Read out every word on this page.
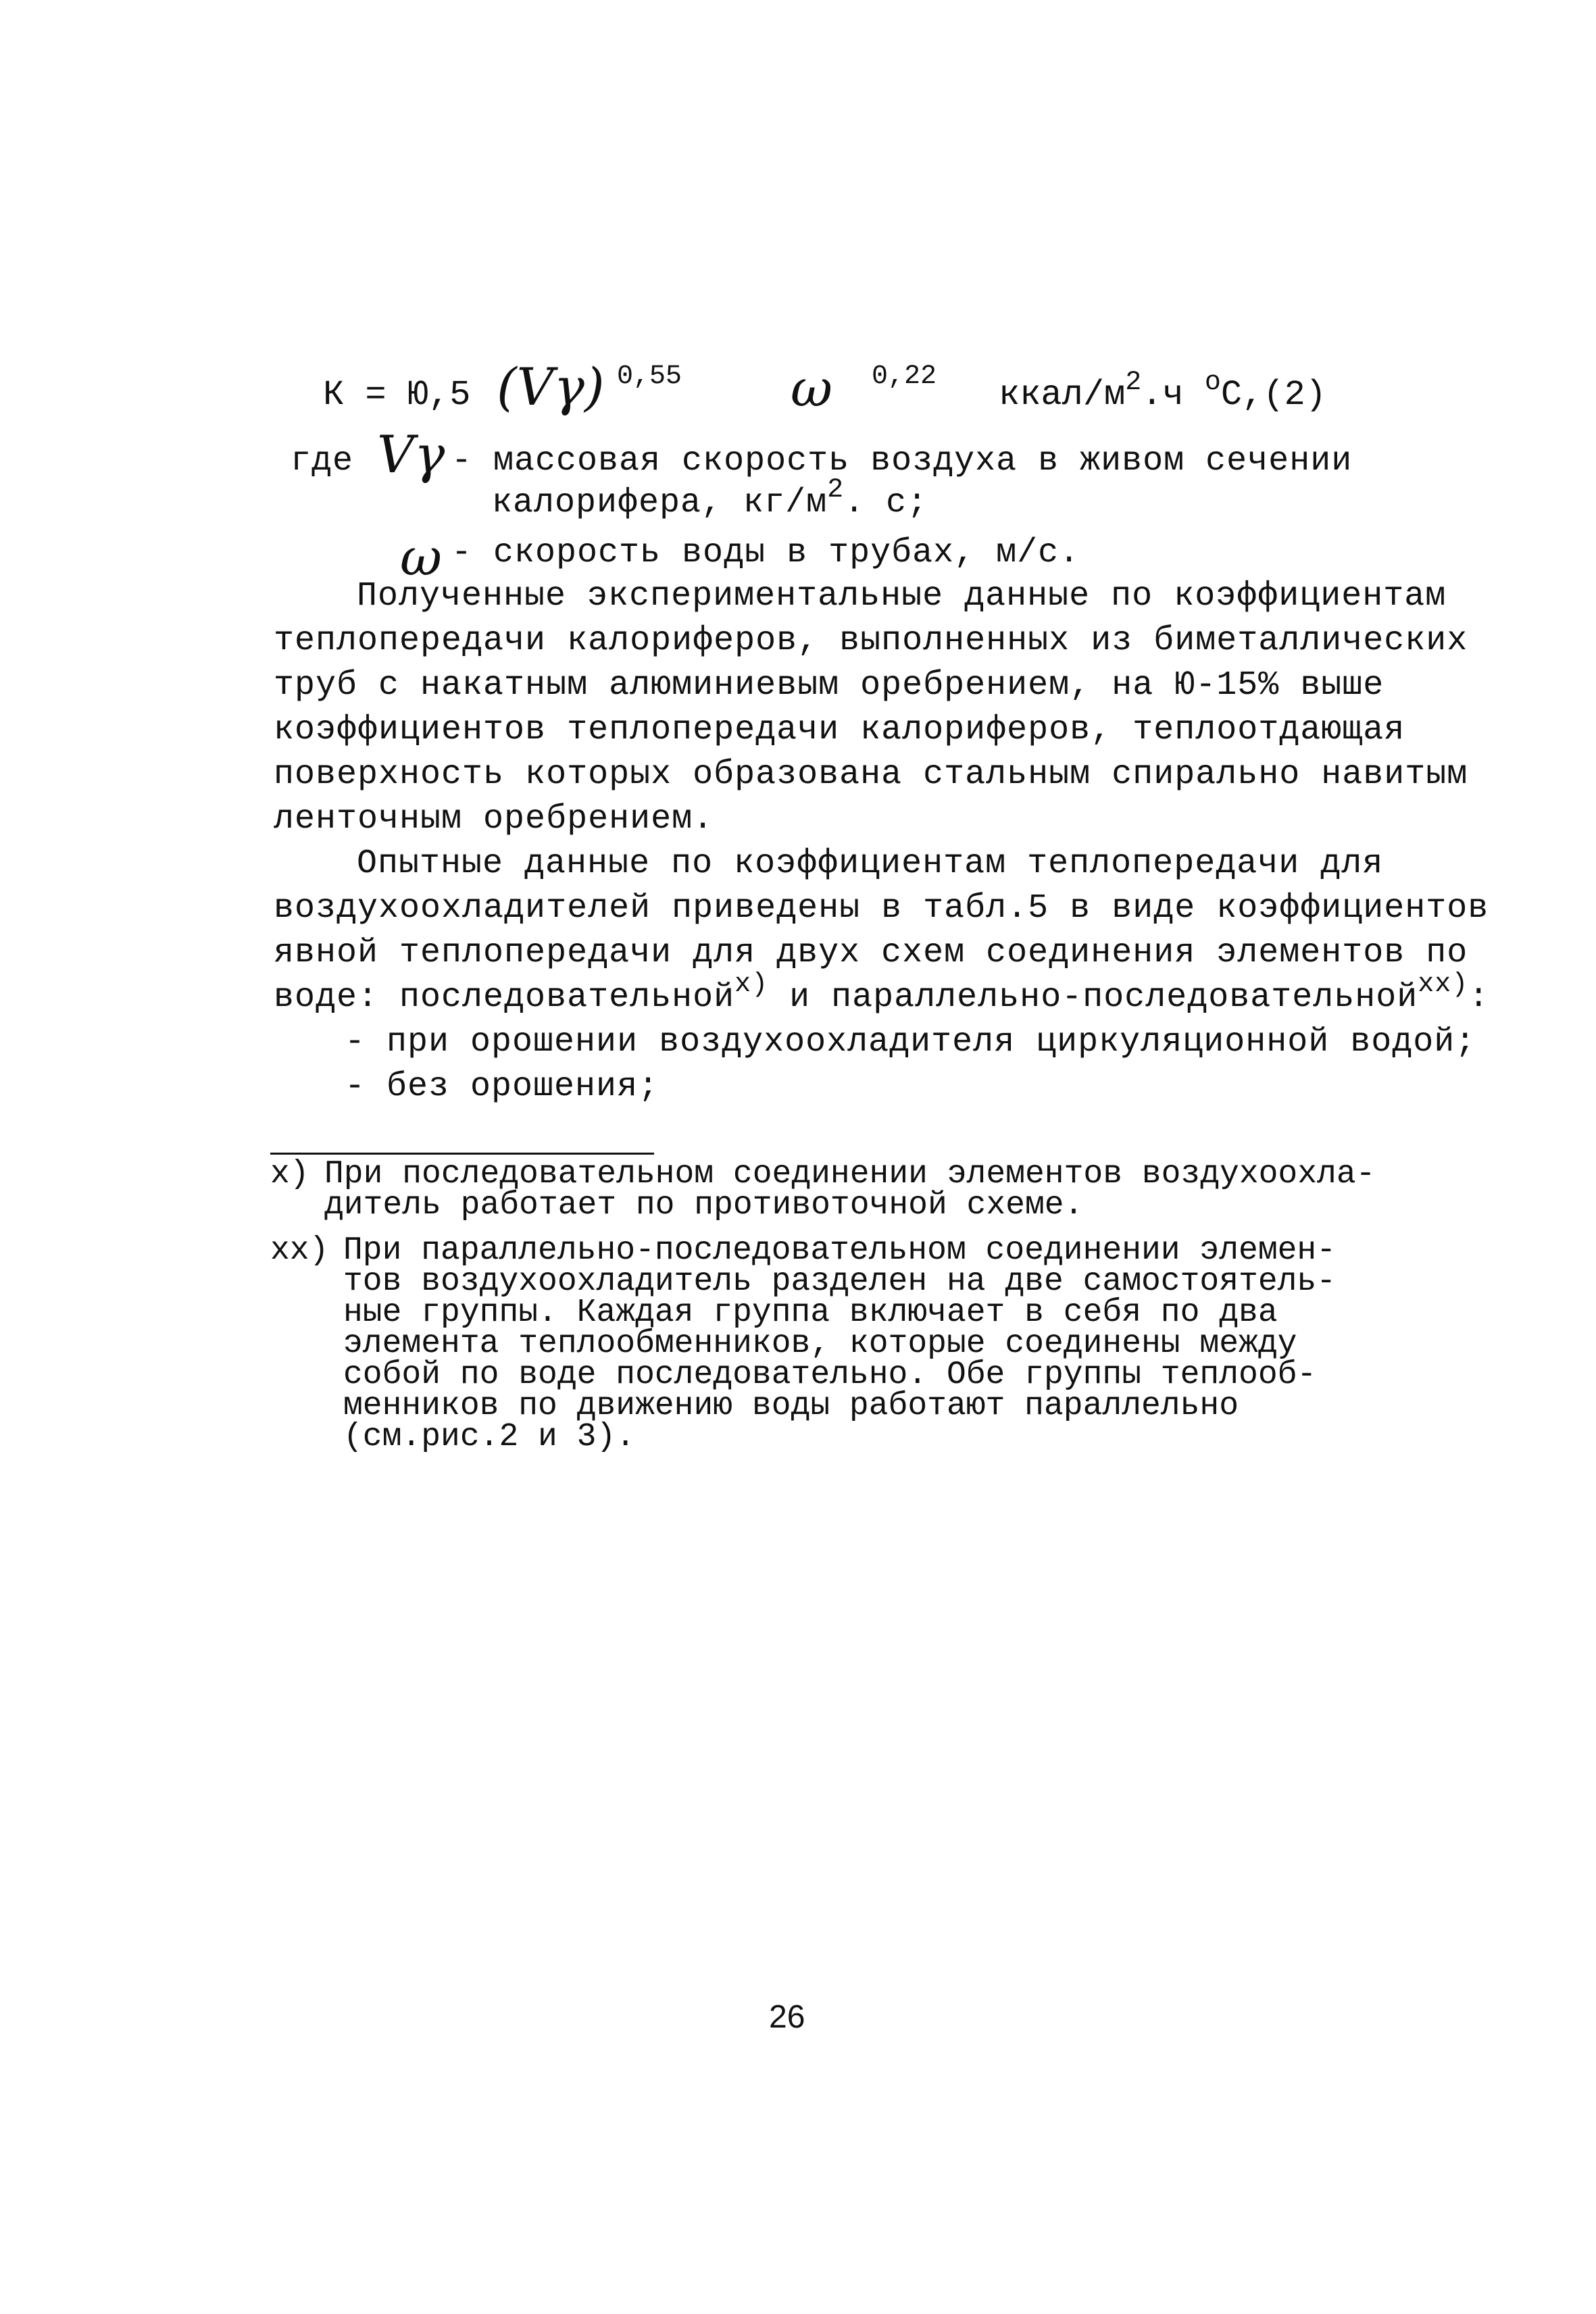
К = Ю,5

(Vγ)

0,55

ω

0,22

ккал/$м^2.ч$ $^о$С,(2)

где Vγ - массовая скорость воздуха в живом сечении
калорифера, $кг/м^2$. с;
ω - скорость воды в трубах, м/с.
Полученные экспериментальные данные по коэффициентам
теплопередачи калориферов, выполненных из биметаллических
труб с накатным алюминиевым оребрением, на Ю-15% выше
коэффициентов теплопередачи калориферов, теплоотдающая
поверхность которых образована стальным спирально навитым
ленточным оребрением.
Опытные данные по коэффициентам теплопередачи для
воздухоохладителей приведены в табл.5 в виде коэффициентов
явной теплопередачи для двух схем соединения элементов по
воде: последовательной$^{х)}$ и параллельно-последовательной$^{хх)}$:
- при орошении воздухоохладителя циркуляционной водой;
- без орошения;
х) При последовательном соединении элементов воздухоохла-
дитель работает по противоточной схеме.
хх) При параллельно-последовательном соединении элемен-
тов воздухоохладитель разделен на две самостоятель-
ные группы. Каждая группа включает в себя по два
элемента теплообменников, которые соединены между
собой по воде последовательно. Обе группы теплооб-
менников по движению воды работают параллельно
(см.рис.2 и 3).
26
